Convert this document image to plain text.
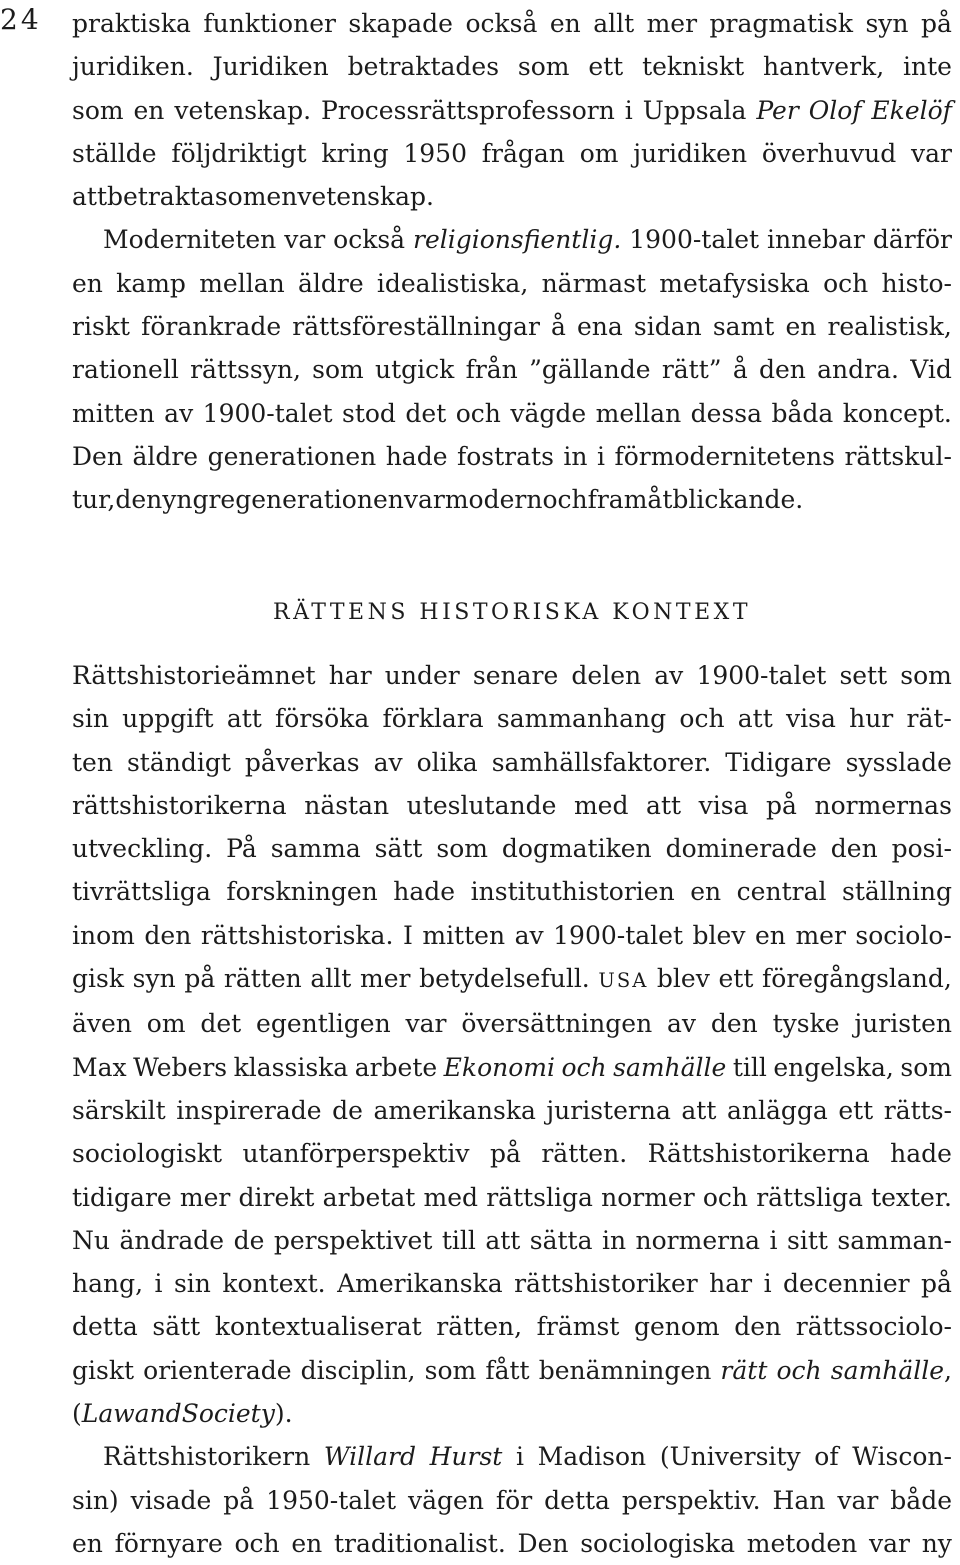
24 praktiska funktioner skapade också en allt mer pragmatisk syn på
juridiken. Juridiken betraktades som ett tekniskt hantverk, inte
som en vetenskap. Processrättsprofessorn i Uppsala Per Olof Ekelöf
ställde följdriktigt kring 1950 frågan om juridiken överhuvud var
att betrakta som en vetenskap.
Moderniteten var också religionsfientlig. 1900-talet innebar därför
en kamp mellan äldre idealistiska, närmast metafysiska och histo-
riskt förankrade rättsföreställningar å ena sidan samt en realistisk,
rationell rättssyn, som utgick från ”gällande rätt” å den andra. Vid
mitten av 1900-talet stod det och vägde mellan dessa båda koncept.
Den äldre generationen hade fostrats in i förmodernitetens rättskul-
tur, den yngre generationen var modern och framåtblickande.
RÄTTENS HISTORISKA KONTEXT
Rättshistorieämnet har under senare delen av 1900-talet sett som
sin uppgift att försöka förklara sammanhang och att visa hur rät-
ten ständigt påverkas av olika samhällsfaktorer. Tidigare sysslade
rättshistorikerna nästan uteslutande med att visa på normernas
utveckling. På samma sätt som dogmatiken dominerade den posi-
tivrättsliga forskningen hade instituthistorien en central ställning
inom den rättshistoriska. I mitten av 1900-talet blev en mer sociolo-
gisk syn på rätten allt mer betydelsefull. USA blev ett föregångsland,
även om det egentligen var översättningen av den tyske juristen
Max Webers klassiska arbete Ekonomi och samhälle till engelska, som
särskilt inspirerade de amerikanska juristerna att anlägga ett rätts-
sociologiskt utanförperspektiv på rätten. Rättshistorikerna hade
tidigare mer direkt arbetat med rättsliga normer och rättsliga texter.
Nu ändrade de perspektivet till att sätta in normerna i sitt samman-
hang, i sin kontext. Amerikanska rättshistoriker har i decennier på
detta sätt kontextualiserat rätten, främst genom den rättssociolo-
giskt orienterade disciplin, som fått benämningen rätt och samhälle,
(Law and Society).
Rättshistorikern Willard Hurst i Madison (University of Wiscon-
sin) visade på 1950-talet vägen för detta perspektiv. Han var både
en förnyare och en traditionalist. Den sociologiska metoden var ny
